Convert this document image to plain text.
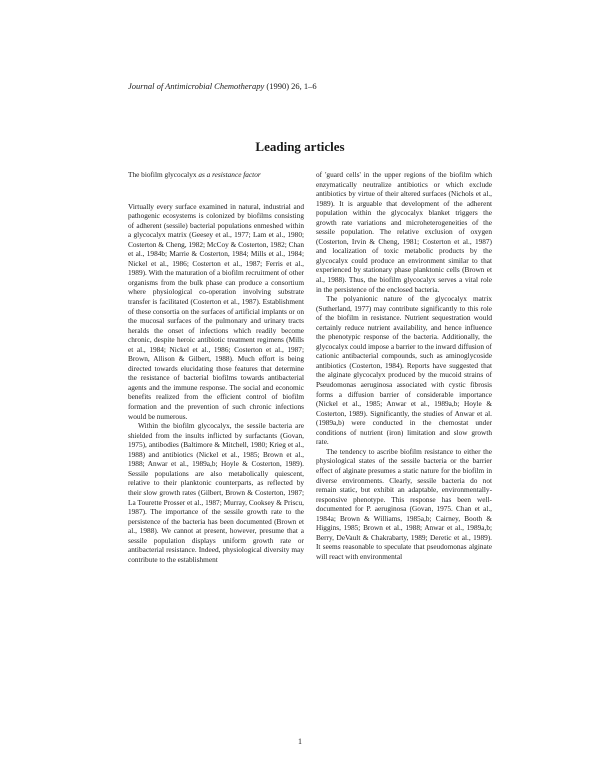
Journal of Antimicrobial Chemotherapy (1990) 26, 1–6
Leading articles
The biofilm glycocalyx as a resistance factor

Virtually every surface examined in natural, industrial and pathogenic ecosystems is colonized by biofilms consisting of adherent (sessile) bacterial populations enmeshed within a glycocalyx matrix (Geesey et al., 1977; Lam et al., 1980; Costerton & Cheng, 1982; McCoy & Costerton, 1982; Chan et al., 1984b; Marrie & Costerton, 1984; Mills et al., 1984; Nickel et al., 1986; Costerton et al., 1987; Ferris et al., 1989). With the maturation of a biofilm recruitment of other organisms from the bulk phase can produce a consortium where physiological co-operation involving substrate transfer is facilitated (Costerton et al., 1987). Establishment of these consortia on the surfaces of artificial implants or on the mucosal surfaces of the pulmonary and urinary tracts heralds the onset of infections which readily become chronic, despite heroic antibiotic treatment regimens (Mills et al., 1984; Nickel et al., 1986; Costerton et al., 1987; Brown, Allison & Gilbert, 1988). Much effort is being directed towards elucidating those features that determine the resistance of bacterial biofilms towards antibacterial agents and the immune response. The social and economic benefits realized from the efficient control of biofilm formation and the prevention of such chronic infections would be numerous.

Within the biofilm glycocalyx, the sessile bacteria are shielded from the insults inflicted by surfactants (Govan, 1975), antibodies (Baltimore & Mitchell, 1980; Krieg et al., 1988) and antibiotics (Nickel et al., 1985; Brown et al., 1988; Anwar et al., 1989a,b; Hoyle & Costerton, 1989). Sessile populations are also metabolically quiescent, relative to their planktonic counterparts, as reflected by their slow growth rates (Gilbert, Brown & Costerton, 1987; La Tourette Prosser et al., 1987; Murray, Cooksey & Priscu, 1987). The importance of the sessile growth rate to the persistence of the bacteria has been documented (Brown et al., 1988). We cannot at present, however, presume that a sessile population displays uniform growth rate or antibacterial resistance. Indeed, physiological diversity may contribute to the establishment

of 'guard cells' in the upper regions of the biofilm which enzymatically neutralize antibiotics or which exclude antibiotics by virtue of their altered surfaces (Nichols et al., 1989). It is arguable that development of the adherent population within the glycocalyx blanket triggers the growth rate variations and microheterogeneities of the sessile population. The relative exclusion of oxygen (Costerton, Irvin & Cheng, 1981; Costerton et al., 1987) and localization of toxic metabolic products by the glycocalyx could produce an environment similar to that experienced by stationary phase planktonic cells (Brown et al., 1988). Thus, the biofilm glycocalyx serves a vital role in the persistence of the enclosed bacteria.

The polyanionic nature of the glycocalyx matrix (Sutherland, 1977) may contribute significantly to this role of the biofilm in resistance. Nutrient sequestration would certainly reduce nutrient availability, and hence influence the phenotypic response of the bacteria. Additionally, the glycocalyx could impose a barrier to the inward diffusion of cationic antibacterial compounds, such as aminoglycoside antibiotics (Costerton, 1984). Reports have suggested that the alginate glycocalyx produced by the mucoid strains of Pseudomonas aeruginosa associated with cystic fibrosis forms a diffusion barrier of considerable importance (Nickel et al., 1985; Anwar et al., 1989a,b; Hoyle & Costerton, 1989). Significantly, the studies of Anwar et al. (1989a,b) were conducted in the chemostat under conditions of nutrient (iron) limitation and slow growth rate.

The tendency to ascribe biofilm resistance to either the physiological states of the sessile bacteria or the barrier effect of alginate presumes a static nature for the biofilm in diverse environments. Clearly, sessile bacteria do not remain static, but exhibit an adaptable, environmentally-responsive phenotype. This response has been well-documented for P. aeruginosa (Govan, 1975. Chan et al., 1984a; Brown & Williams, 1985a,b; Cairney, Booth & Higgins, 1985; Brown et al., 1988; Anwar et al., 1989a,b; Berry, DeVault & Chakrabarty, 1989; Deretic et al., 1989). It seems reasonable to speculate that pseudomonas alginate will react with environmental

1
